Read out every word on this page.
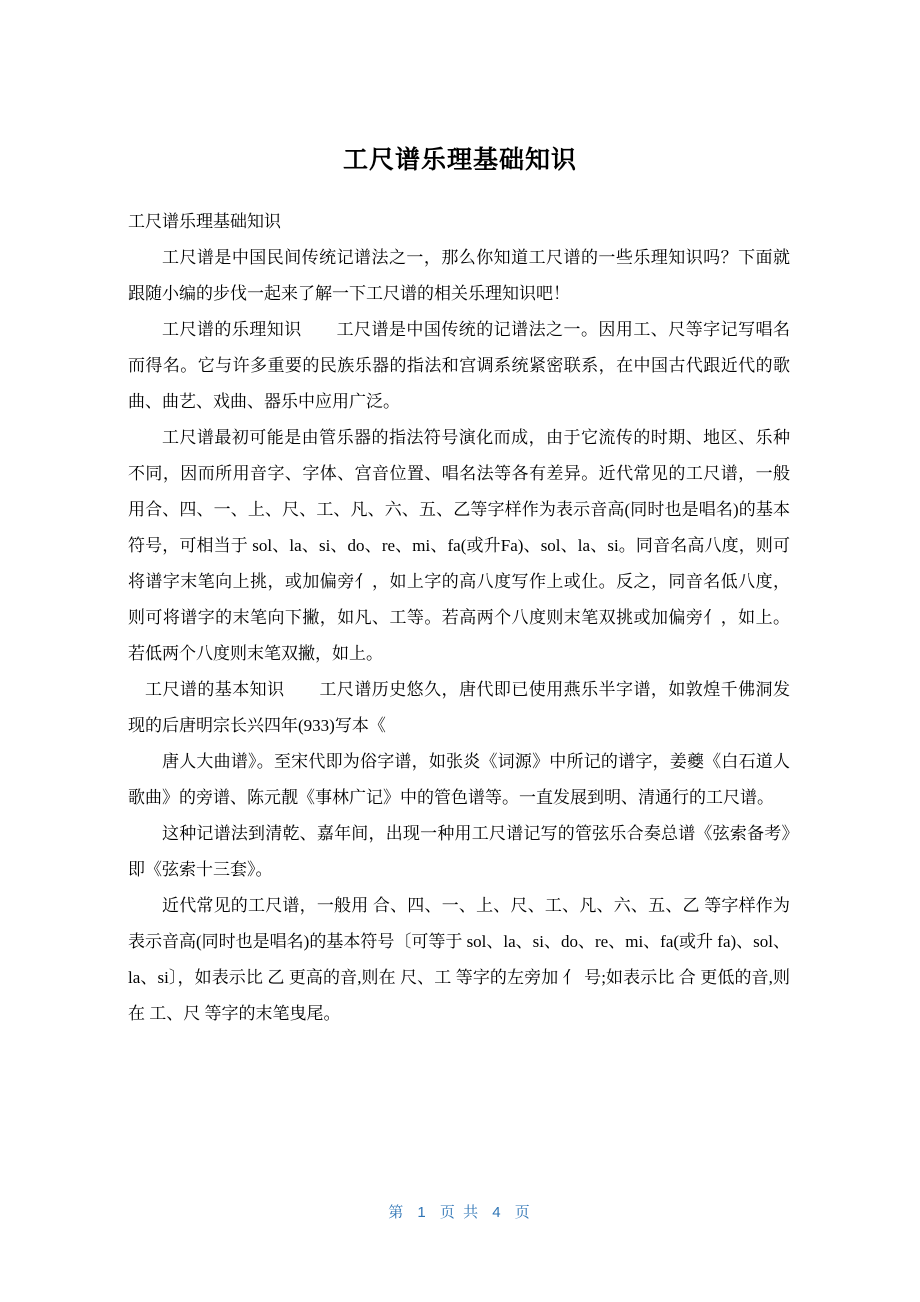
工尺谱乐理基础知识

工尺谱乐理基础知识

工尺谱是中国民间传统记谱法之一，那么你知道工尺谱的一些乐理知识吗？下面就跟随小编的步伐一起来了解一下工尺谱的相关乐理知识吧！

工尺谱的乐理知识　　工尺谱是中国传统的记谱法之一。因用工、尺等字记写唱名而得名。它与许多重要的民族乐器的指法和宫调系统紧密联系，在中国古代跟近代的歌曲、曲艺、戏曲、器乐中应用广泛。

工尺谱最初可能是由管乐器的指法符号演化而成，由于它流传的时期、地区、乐种不同，因而所用音字、字体、宫音位置、唱名法等各有差异。近代常见的工尺谱，一般用合、四、一、上、尺、工、凡、六、五、乙等字样作为表示音高(同时也是唱名)的基本符号，可相当于 sol、la、si、do、re、mi、fa(或升Fa)、sol、la、si。同音名高八度，则可将谱字末笔向上挑，或加偏旁亻，如上字的高八度写作上或仩。反之，同音名低八度，则可将谱字的末笔向下撇，如凡、工等。若高两个八度则末笔双挑或加偏旁亻，如上。若低两个八度则末笔双撇，如上。

工尺谱的基本知识　　工尺谱历史悠久，唐代即已使用燕乐半字谱，如敦煌千佛洞发现的后唐明宗长兴四年(933)写本《

唐人大曲谱》。至宋代即为俗字谱，如张炎《词源》中所记的谱字，姜夔《白石道人歌曲》的旁谱、陈元靓《事林广记》中的管色谱等。一直发展到明、清通行的工尺谱。

这种记谱法到清乾、嘉年间，出现一种用工尺谱记写的管弦乐合奏总谱《弦索备考》即《弦索十三套》。

近代常见的工尺谱，一般用 合、四、一、上、尺、工、凡、六、五、乙 等字样作为表示音高(同时也是唱名)的基本符号〔可等于 sol、la、si、do、re、mi、fa(或升 fa)、sol、la、si〕，如表示比 乙 更高的音,则在 尺、工 等字的左旁加 亻 号;如表示比 合 更低的音,则在 工、尺 等字的末笔曳尾。

第 1 页 共 4 页
